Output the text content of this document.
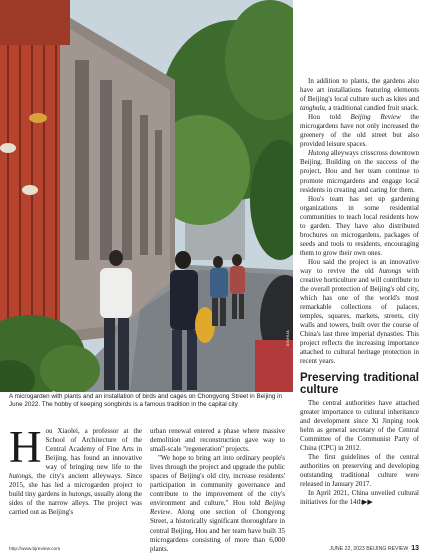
XINHUA
A microgarden with plants and an installation of birds and cages on Chongyong Street in Beijing in June 2022. The hobby of keeping songbirds is a famous tradition in the capital city

Hou Xiaolei, a professor at the School of Architecture of the Central Academy of Fine Arts in Beijing, has found an innovative way of bringing new life to the hutongs, the city's ancient alleyways. Since 2015, she has led a microgarden project to build tiny gardens in hutongs, usually along the sides of the narrow alleys. The project was carried out as Beijing's

urban renewal entered a phase where massive demolition and reconstruction gave way to small-scale "regeneration" projects.

"We hope to bring art into ordinary people's lives through the project and upgrade the public spaces of Beijing's old city, increase residents' participation in community governance and contribute to the improvement of the city's environment and culture," Hou told Beijing Review. Along one section of Chongyong Street, a historically significant thoroughfare in central Beijing, Hou and her team have built 35 microgardens consisting of more than 6,000 plants.

In addition to plants, the gardens also have art installations featuring elements of Beijing's local culture such as kites and tanghulu, a traditional candied fruit snack.

Hou told Beijing Review the microgardens have not only increased the greenery of the old street but also provided leisure spaces.

Hutong alleyways crisscross downtown Beijing. Building on the success of the project, Hou and her team continue to promote microgardens and engage local residents in creating and caring for them.

Hou's team has set up gardening organizations in some residential communities to teach local residents how to garden. They have also distributed brochures on microgardens, packages of seeds and tools to residents, encouraging them to grow their own ones.

Hou said the project is an innovative way to revive the old hutongs with creative horticulture and will contribute to the overall protection of Beijing's old city, which has one of the world's most remarkable collections of palaces, temples, squares, markets, streets, city walls and towers, built over the course of China's last three imperial dynasties. This project reflects the increasing importance attached to cultural heritage protection in recent years.

Preserving traditional culture

The central authorities have attached greater importance to cultural inheritance and development since Xi Jinping took helm as general secretary of the Central Committee of the Communist Party of China (CPC) in 2012.

The first guidelines of the central authorities on preserving and developing outstanding traditional culture were released in January 2017.

In April 2021, China unveiled cultural initiatives for the 14th▶▶

http://www.bjreview.com	JUNE 22, 2023 BEIJING REVIEW 13
